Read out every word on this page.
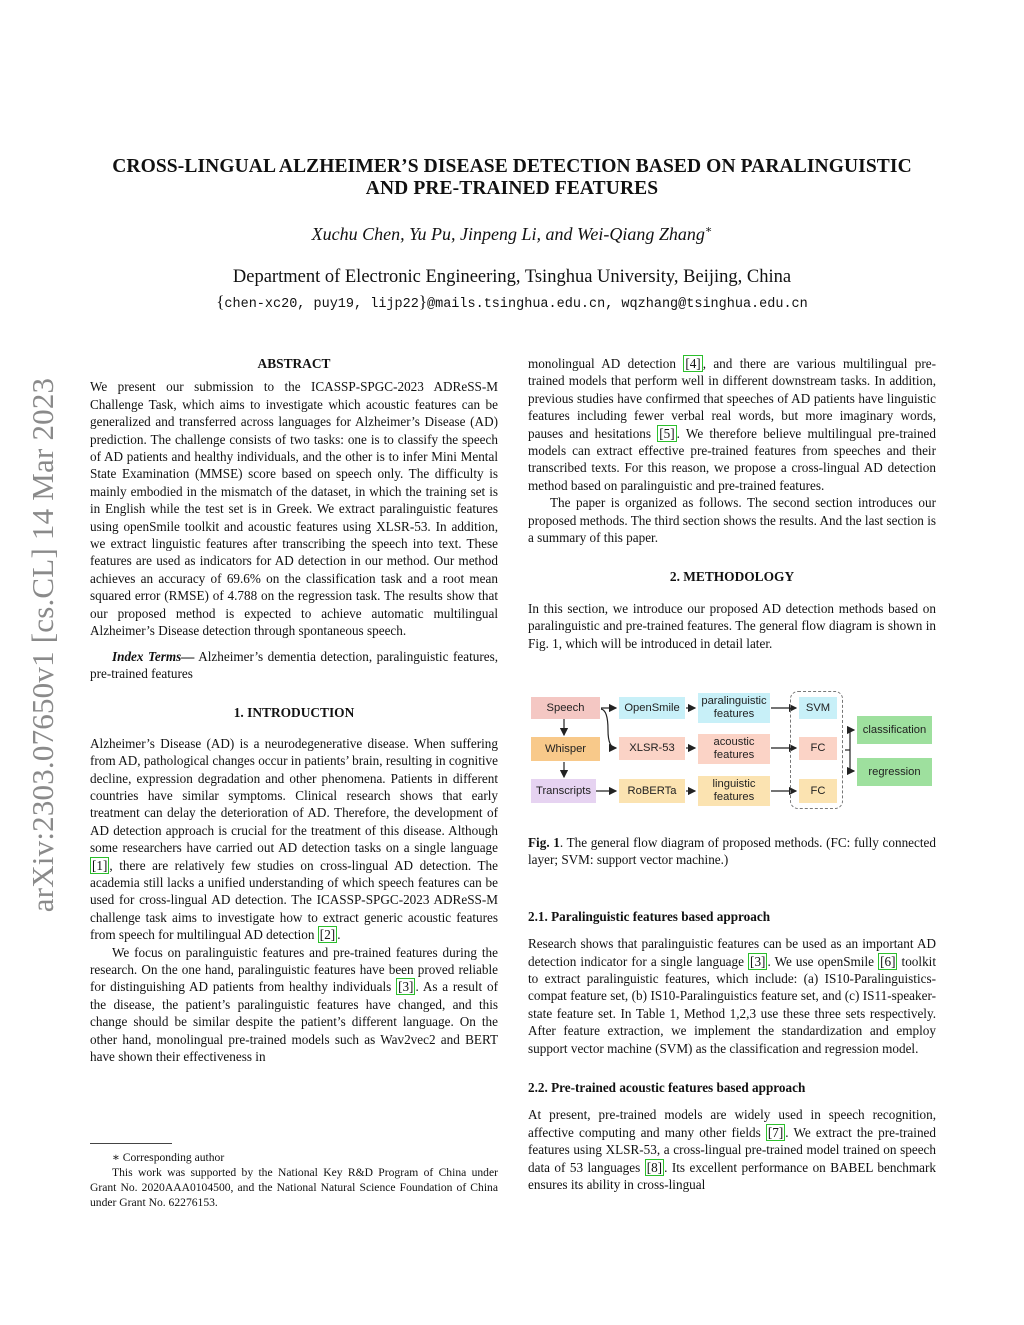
arXiv:2303.07650v1 [cs.CL] 14 Mar 2023
CROSS-LINGUAL ALZHEIMER’S DISEASE DETECTION BASED ON PARALINGUISTIC
AND PRE-TRAINED FEATURES
Xuchu Chen, Yu Pu, Jinpeng Li, and Wei-Qiang Zhang∗
Department of Electronic Engineering, Tsinghua University, Beijing, China
{chen-xc20, puy19, lijp22}@mails.tsinghua.edu.cn, wqzhang@tsinghua.edu.cn

ABSTRACT

We present our submission to the ICASSP-SPGC-2023 ADReSS-M Challenge Task, which aims to investigate which acoustic features can be generalized and transferred across languages for Alzheimer’s Disease (AD) prediction. The challenge consists of two tasks: one is to classify the speech of AD patients and healthy individuals, and the other is to infer Mini Mental State Examination (MMSE) score based on speech only. The difficulty is mainly embodied in the mismatch of the dataset, in which the training set is in English while the test set is in Greek. We extract paralinguistic features using openSmile toolkit and acoustic features using XLSR-53. In addition, we extract linguistic features after transcribing the speech into text. These features are used as indicators for AD detection in our method. Our method achieves an accuracy of 69.6% on the classification task and a root mean squared error (RMSE) of 4.788 on the regression task. The results show that our proposed method is expected to achieve automatic multilingual Alzheimer’s Disease detection through spontaneous speech.

Index Terms— Alzheimer’s dementia detection, paralinguistic features, pre-trained features

1. INTRODUCTION

Alzheimer’s Disease (AD) is a neurodegenerative disease. When suffering from AD, pathological changes occur in patients’ brain, resulting in cognitive decline, expression degradation and other phenomena. Patients in different countries have similar symptoms. Clinical research shows that early treatment can delay the deterioration of AD. Therefore, the development of AD detection approach is crucial for the treatment of this disease. Although some researchers have carried out AD detection tasks on a single language [1] , there are relatively few studies on cross-lingual AD detection. The academia still lacks a unified understanding of which speech features can be used for cross-lingual AD detection. The ICASSP-SPGC-2023 ADReSS-M challenge task aims to investigate how to extract generic acoustic features from speech for multilingual AD detection [2] .

We focus on paralinguistic features and pre-trained features during the research. On the one hand, paralinguistic features have been proved reliable for distinguishing AD patients from healthy individuals [3] . As a result of the disease, the patient’s paralinguistic features have changed, and this change should be similar despite the patient’s different language. On the other hand, monolingual pre-trained models such as Wav2vec2 and BERT have shown their effectiveness in

∗ Corresponding author
This work was supported by the National Key R&D Program of China under Grant No. 2020AAA0104500, and the National Natural Science Foundation of China under Grant No. 62276153.

monolingual AD detection [4] , and there are various multilingual pre-trained models that perform well in different downstream tasks. In addition, previous studies have confirmed that speeches of AD patients have linguistic features including fewer verbal real words, but more imaginary words, pauses and hesitations [5] . We therefore believe multilingual pre-trained models can extract effective pre-trained features from speeches and their transcribed texts. For this reason, we propose a cross-lingual AD detection method based on paralinguistic and pre-trained features.

The paper is organized as follows. The second section introduces our proposed methods. The third section shows the results. And the last section is a summary of this paper.

2. METHODOLOGY

In this section, we introduce our proposed AD detection methods based on paralinguistic and pre-trained features. The general flow diagram is shown in Fig. 1, which will be introduced in detail later.

Speech
Whisper
Transcripts
OpenSmile
XLSR-53
RoBERTa
paralinguistic features
acoustic features
linguistic features
SVM
FC
FC
classification
regression

Fig. 1. The general flow diagram of proposed methods. (FC: fully connected layer; SVM: support vector machine.)

2.1. Paralinguistic features based approach

Research shows that paralinguistic features can be used as an important AD detection indicator for a single language [3] . We use openSmile [6] toolkit to extract paralinguistic features, which include: (a) IS10-Paralinguistics-compat feature set, (b) IS10-Paralinguistics feature set, and (c) IS11-speaker-state feature set. In Table 1, Method 1,2,3 use these three sets respectively. After feature extraction, we implement the standardization and employ support vector machine (SVM) as the classification and regression model.

2.2. Pre-trained acoustic features based approach

At present, pre-trained models are widely used in speech recognition, affective computing and many other fields [7] . We extract the pre-trained features using XLSR-53, a cross-lingual pre-trained model trained on speech data of 53 languages [8] . Its excellent performance on BABEL benchmark ensures its ability in cross-lingual
